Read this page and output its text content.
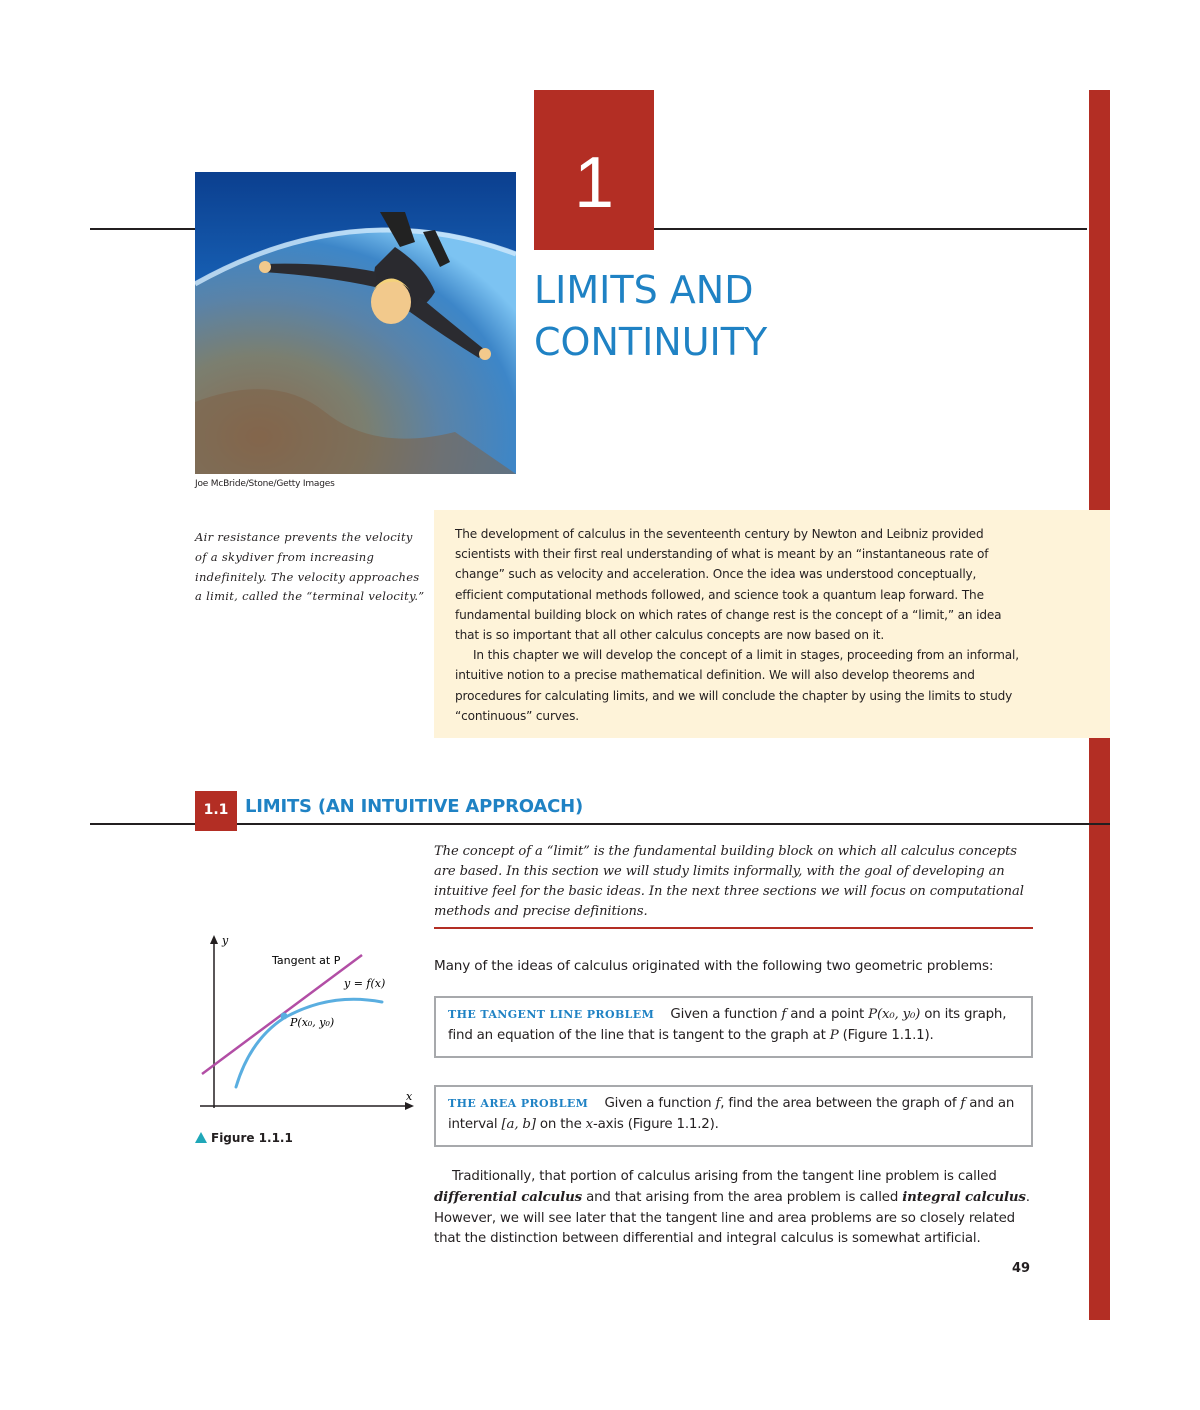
1
LIMITS AND
CONTINUITY
Joe McBride/Stone/Getty Images
Air resistance prevents the velocity of a skydiver from increasing indefinitely. The velocity approaches a limit, called the “terminal velocity.”

The development of calculus in the seventeenth century by Newton and Leibniz provided scientists with their first real understanding of what is meant by an “instantaneous rate of change” such as velocity and acceleration. Once the idea was understood conceptually, efficient computational methods followed, and science took a quantum leap forward. The fundamental building block on which rates of change rest is the concept of a “limit,” an idea that is so important that all other calculus concepts are now based on it.

In this chapter we will develop the concept of a limit in stages, proceeding from an informal, intuitive notion to a precise mathematical definition. We will also develop theorems and procedures for calculating limits, and we will conclude the chapter by using the limits to study “continuous” curves.

1.1 LIMITS (AN INTUITIVE APPROACH)
The concept of a “limit” is the fundamental building block on which all calculus concepts are based. In this section we will study limits informally, with the goal of developing an intuitive feel for the basic ideas. In the next three sections we will focus on computational methods and precise definitions.
Many of the ideas of calculus originated with the following two geometric problems:
THE TANGENT LINE PROBLEM Given a function f and a point P(x₀, y₀) on its graph, find an equation of the line that is tangent to the graph at P (Figure 1.1.1).
THE AREA PROBLEM Given a function f, find the area between the graph of f and an interval [a, b] on the x-axis (Figure 1.1.2).

Traditionally, that portion of calculus arising from the tangent line problem is called differential calculus and that arising from the area problem is called integral calculus. However, we will see later that the tangent line and area problems are so closely related that the distinction between differential and integral calculus is somewhat artificial.

49
y
x
Tangent at P
y = f(x)
P(x₀, y₀)
Figure 1.1.1
